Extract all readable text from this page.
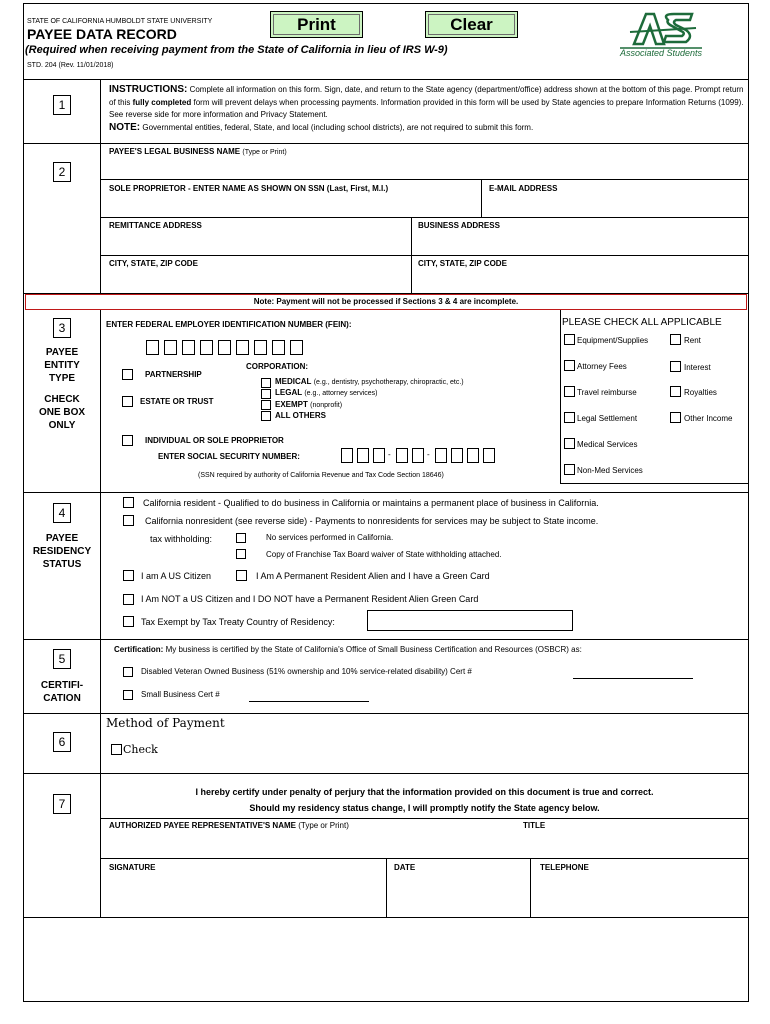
STATE OF CALIFORNIA HUMBOLDT STATE UNIVERSITY
PAYEE DATA RECORD
(Required when receiving payment from the State of California in lieu of IRS W-9)
STD. 204 (Rev. 11/01/2018)
Print	Clear
Associated Students
1
INSTRUCTIONS: Complete all information on this form. Sign, date, and return to the State agency (department/office) address shown at the bottom of this page. Prompt return of this fully completed form will prevent delays when processing payments. Information provided in this form will be used by State agencies to prepare Information Returns (1099). See reverse side for more information and Privacy Statement.
NOTE: Governmental entities, federal, State, and local (including school districts), are not required to submit this form.
2
PAYEE'S LEGAL BUSINESS NAME (Type or Print)
SOLE PROPRIETOR - ENTER NAME AS SHOWN ON SSN (Last, First, M.I.)	E-MAIL ADDRESS
REMITTANCE ADDRESS	BUSINESS ADDRESS
CITY, STATE, ZIP CODE	CITY, STATE, ZIP CODE
Note: Payment will not be processed if Sections 3 & 4 are incomplete.
3
PAYEE
ENTITY
TYPE
CHECK
ONE BOX
ONLY
ENTER FEDERAL EMPLOYER IDENTIFICATION NUMBER (FEIN):
PARTNERSHIP
ESTATE OR TRUST
CORPORATION:
MEDICAL (e.g., dentistry, psychotherapy, chiropractic, etc.)
LEGAL (e.g., attorney services)
EXEMPT (nonprofit)
ALL OTHERS
INDIVIDUAL OR SOLE PROPRIETOR
ENTER SOCIAL SECURITY NUMBER:	-	-
(SSN required by authority of California Revenue and Tax Code Section 18646)
PLEASE CHECK ALL APPLICABLE
Equipment/Supplies	Rent
Attorney Fees	Interest
Travel reimburse	Royalties
Legal Settlement	Other Income
Medical Services
Non-Med Services
4
PAYEE
RESIDENCY
STATUS
California resident - Qualified to do business in California or maintains a permanent place of business in California.
California nonresident (see reverse side) - Payments to nonresidents for services may be subject to State income.
tax withholding:	No services performed in California.
Copy of Franchise Tax Board waiver of State withholding attached.
I am A US Citizen	I Am A Permanent Resident Alien and I have a Green Card
I Am NOT a US Citizen and I DO NOT have a Permanent Resident Alien Green Card
Tax Exempt by Tax Treaty Country of Residency:
5
CERTIFI-
CATION
Certification: My business is certified by the State of California's Office of Small Business Certification and Resources (OSBCR) as:
Disabled Veteran Owned Business (51% ownership and 10% service-related disability) Cert #
Small Business Cert #
6
Method of Payment
Check
7
I hereby certify under penalty of perjury that the information provided on this document is true and correct.
Should my residency status change, I will promptly notify the State agency below.
AUTHORIZED PAYEE REPRESENTATIVE'S NAME (Type or Print)	TITLE
SIGNATURE	DATE	TELEPHONE
